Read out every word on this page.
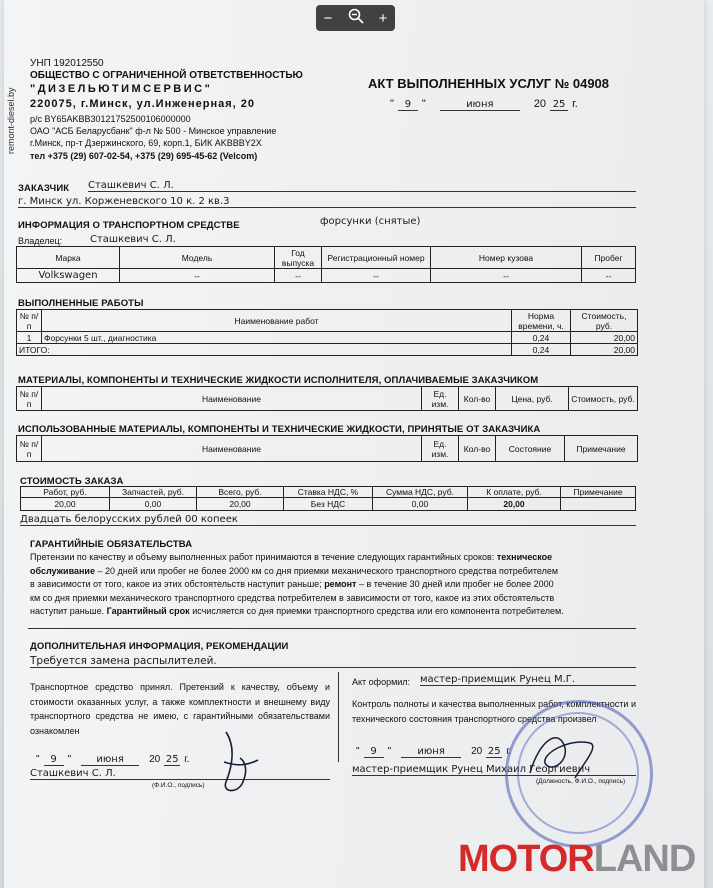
−	+
remont-diesel.by
УНП 192012550
ОБЩЕСТВО С ОГРАНИЧЕННОЙ ОТВЕТСТВЕННОСТЬЮ
"ДИЗЕЛЬЮТИМСЕРВИС"
220075, г.Минск, ул.Инженерная, 20
р/с BY65AKBB30121752500106000000
ОАО "АСБ Беларусбанк" ф-л № 500 - Минское управление
г.Минск, пр-т Дзержинского, 69, корп.1, БИК AKBBBY2X
тел +375 (29) 607-02-54, +375 (29) 695-45-62 (Velcom)
АКТ ВЫПОЛНЕННЫХ УСЛУГ № 04908
"	9 "	июня	20 25 г.
ЗАКАЗЧИК Сташкевич С. Л.
г. Минск ул. Корженевского 10 к. 2 кв.3
ИНФОРМАЦИЯ О ТРАНСПОРТНОМ СРЕДСТВЕ	форсунки (снятые)
Владелец:	Сташкевич С. Л.
Марка	Модель	Год выпуска	Регистрационный номер	Номер кузова	Пробег
Volkswagen	--	--	--	--	--
ВЫПОЛНЕННЫЕ РАБОТЫ
№ п/п	Наименование работ	Норма времени, ч.	Стоимость, руб.
1	Форсунки 5 шт., диагностика	0,24	20,00
ИТОГО:		0,24	20,00
МАТЕРИАЛЫ, КОМПОНЕНТЫ И ТЕХНИЧЕСКИЕ ЖИДКОСТИ ИСПОЛНИТЕЛЯ, ОПЛАЧИВАЕМЫЕ ЗАКАЗЧИКОМ
№ п/п	Наименование	Ед. изм.	Кол-во	Цена, руб.	Стоимость, руб.
ИСПОЛЬЗОВАННЫЕ МАТЕРИАЛЫ, КОМПОНЕНТЫ И ТЕХНИЧЕСКИЕ ЖИДКОСТИ, ПРИНЯТЫЕ ОТ ЗАКАЗЧИКА
№ п/п	Наименование	Ед. изм.	Кол-во	Состояние	Примечание
СТОИМОСТЬ ЗАКАЗА
Работ, руб.	Запчастей, руб.	Всего, руб.	Ставка НДС, %	Сумма НДС, руб.	К оплате, руб.	Примечание
20,00	0,00	20,00	Без НДС	0,00	20,00	
Двадцать белорусских рублей 00 копеек
ГАРАНТИЙНЫЕ ОБЯЗАТЕЛЬСТВА
Претензии по качеству и объему выполненных работ принимаются в течение следующих гарантийных сроков: техническое
обслуживание – 20 дней или пробег не более 2000 км со дня приемки механического транспортного средства потребителем
в зависимости от того, какое из этих обстоятельств наступит раньше; ремонт – в течение 30 дней или пробег не более 2000
км со дня приемки механического транспортного средства потребителем в зависимости от того, какое из этих обстоятельств
наступит раньше. Гарантийный срок исчисляется со дня приемки транспортного средства или его компонента потребителем.
ДОПОЛНИТЕЛЬНАЯ ИНФОРМАЦИЯ, РЕКОМЕНДАЦИИ
Требуется замена распылителей.
Транспортное средство принял. Претензий к качеству, объему и стоимости оказанных услуг, а также комплектности и внешнему виду транспортного средства не имею, с гарантийными обязательствами ознакомлен
"	9	"	июня	20 25 г.
Сташкевич С. Л.
(Ф.И.О., подпись)
Акт оформил: мастер-приемщик Рунец М.Г.
Контроль полноты и качества выполненных работ, комплектности и технического состояния транспортного средства произвел
"	9	"	июня	20 25 г.
мастер-приемщик Рунец Михаил Георгиевич
(Должность, Ф.И.О., подпись)
MOTORLAND
